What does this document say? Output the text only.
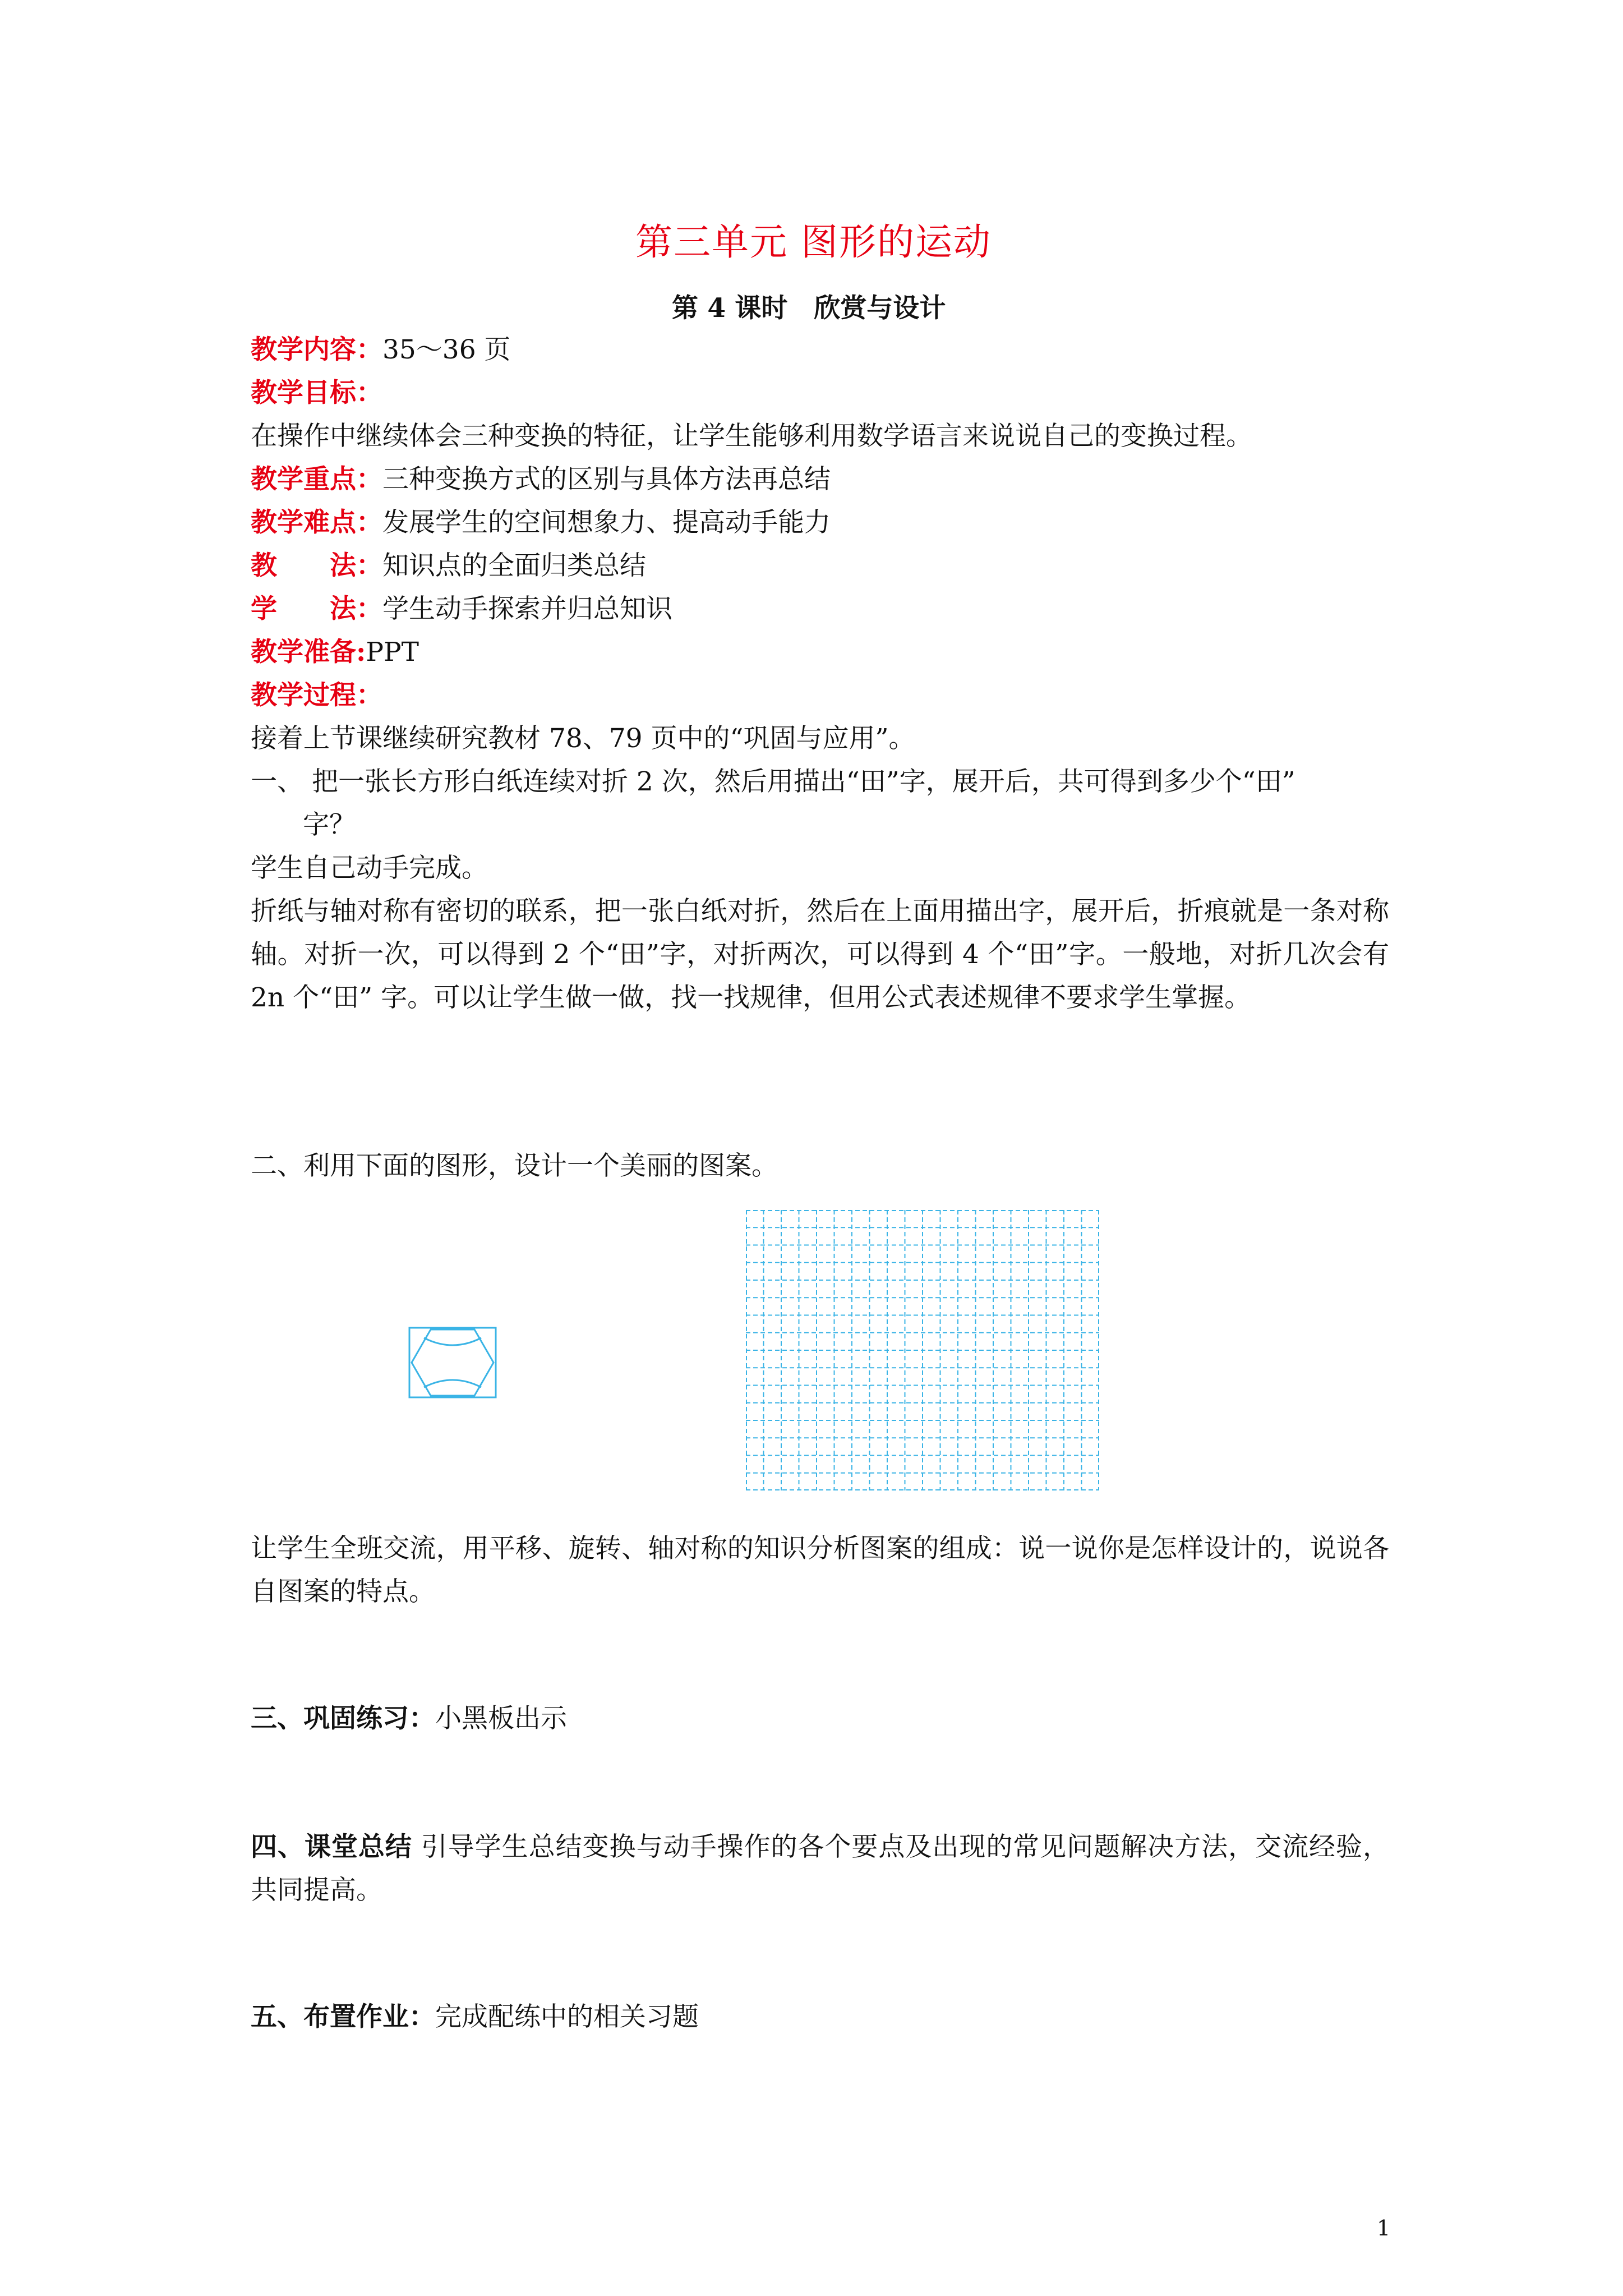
第三单元 图形的运动
第 4 课时　欣赏与设计
教学内容：35～36 页
教学目标：
在操作中继续体会三种变换的特征，让学生能够利用数学语言来说说自己的变换过程。
教学重点：三种变换方式的区别与具体方法再总结
教学难点：发展学生的空间想象力、提高动手能力
教　　法：知识点的全面归类总结
学　　法：学生动手探索并归总知识
教学准备:PPT
教学过程：
接着上节课继续研究教材 78、79 页中的“巩固与应用”。
一、 把一张长方形白纸连续对折 2 次，然后用描出“田”字，展开后，共可得到多少个“田”
字？
学生自己动手完成。
折纸与轴对称有密切的联系，把一张白纸对折，然后在上面用描出字，展开后，折痕就是一条对称轴。对折一次，可以得到 2 个“田”字，对折两次，可以得到 4 个“田”字。一般地，对折几次会有 2n 个“田” 字。可以让学生做一做，找一找规律，但用公式表述规律不要求学生掌握。
二、利用下面的图形，设计一个美丽的图案。
让学生全班交流，用平移、旋转、轴对称的知识分析图案的组成：说一说你是怎样设计的，说说各自图案的特点。
三、巩固练习：小黑板出示
四、课堂总结 引导学生总结变换与动手操作的各个要点及出现的常见问题解决方法，交流经验，共同提高。
五、布置作业：完成配练中的相关习题
1
